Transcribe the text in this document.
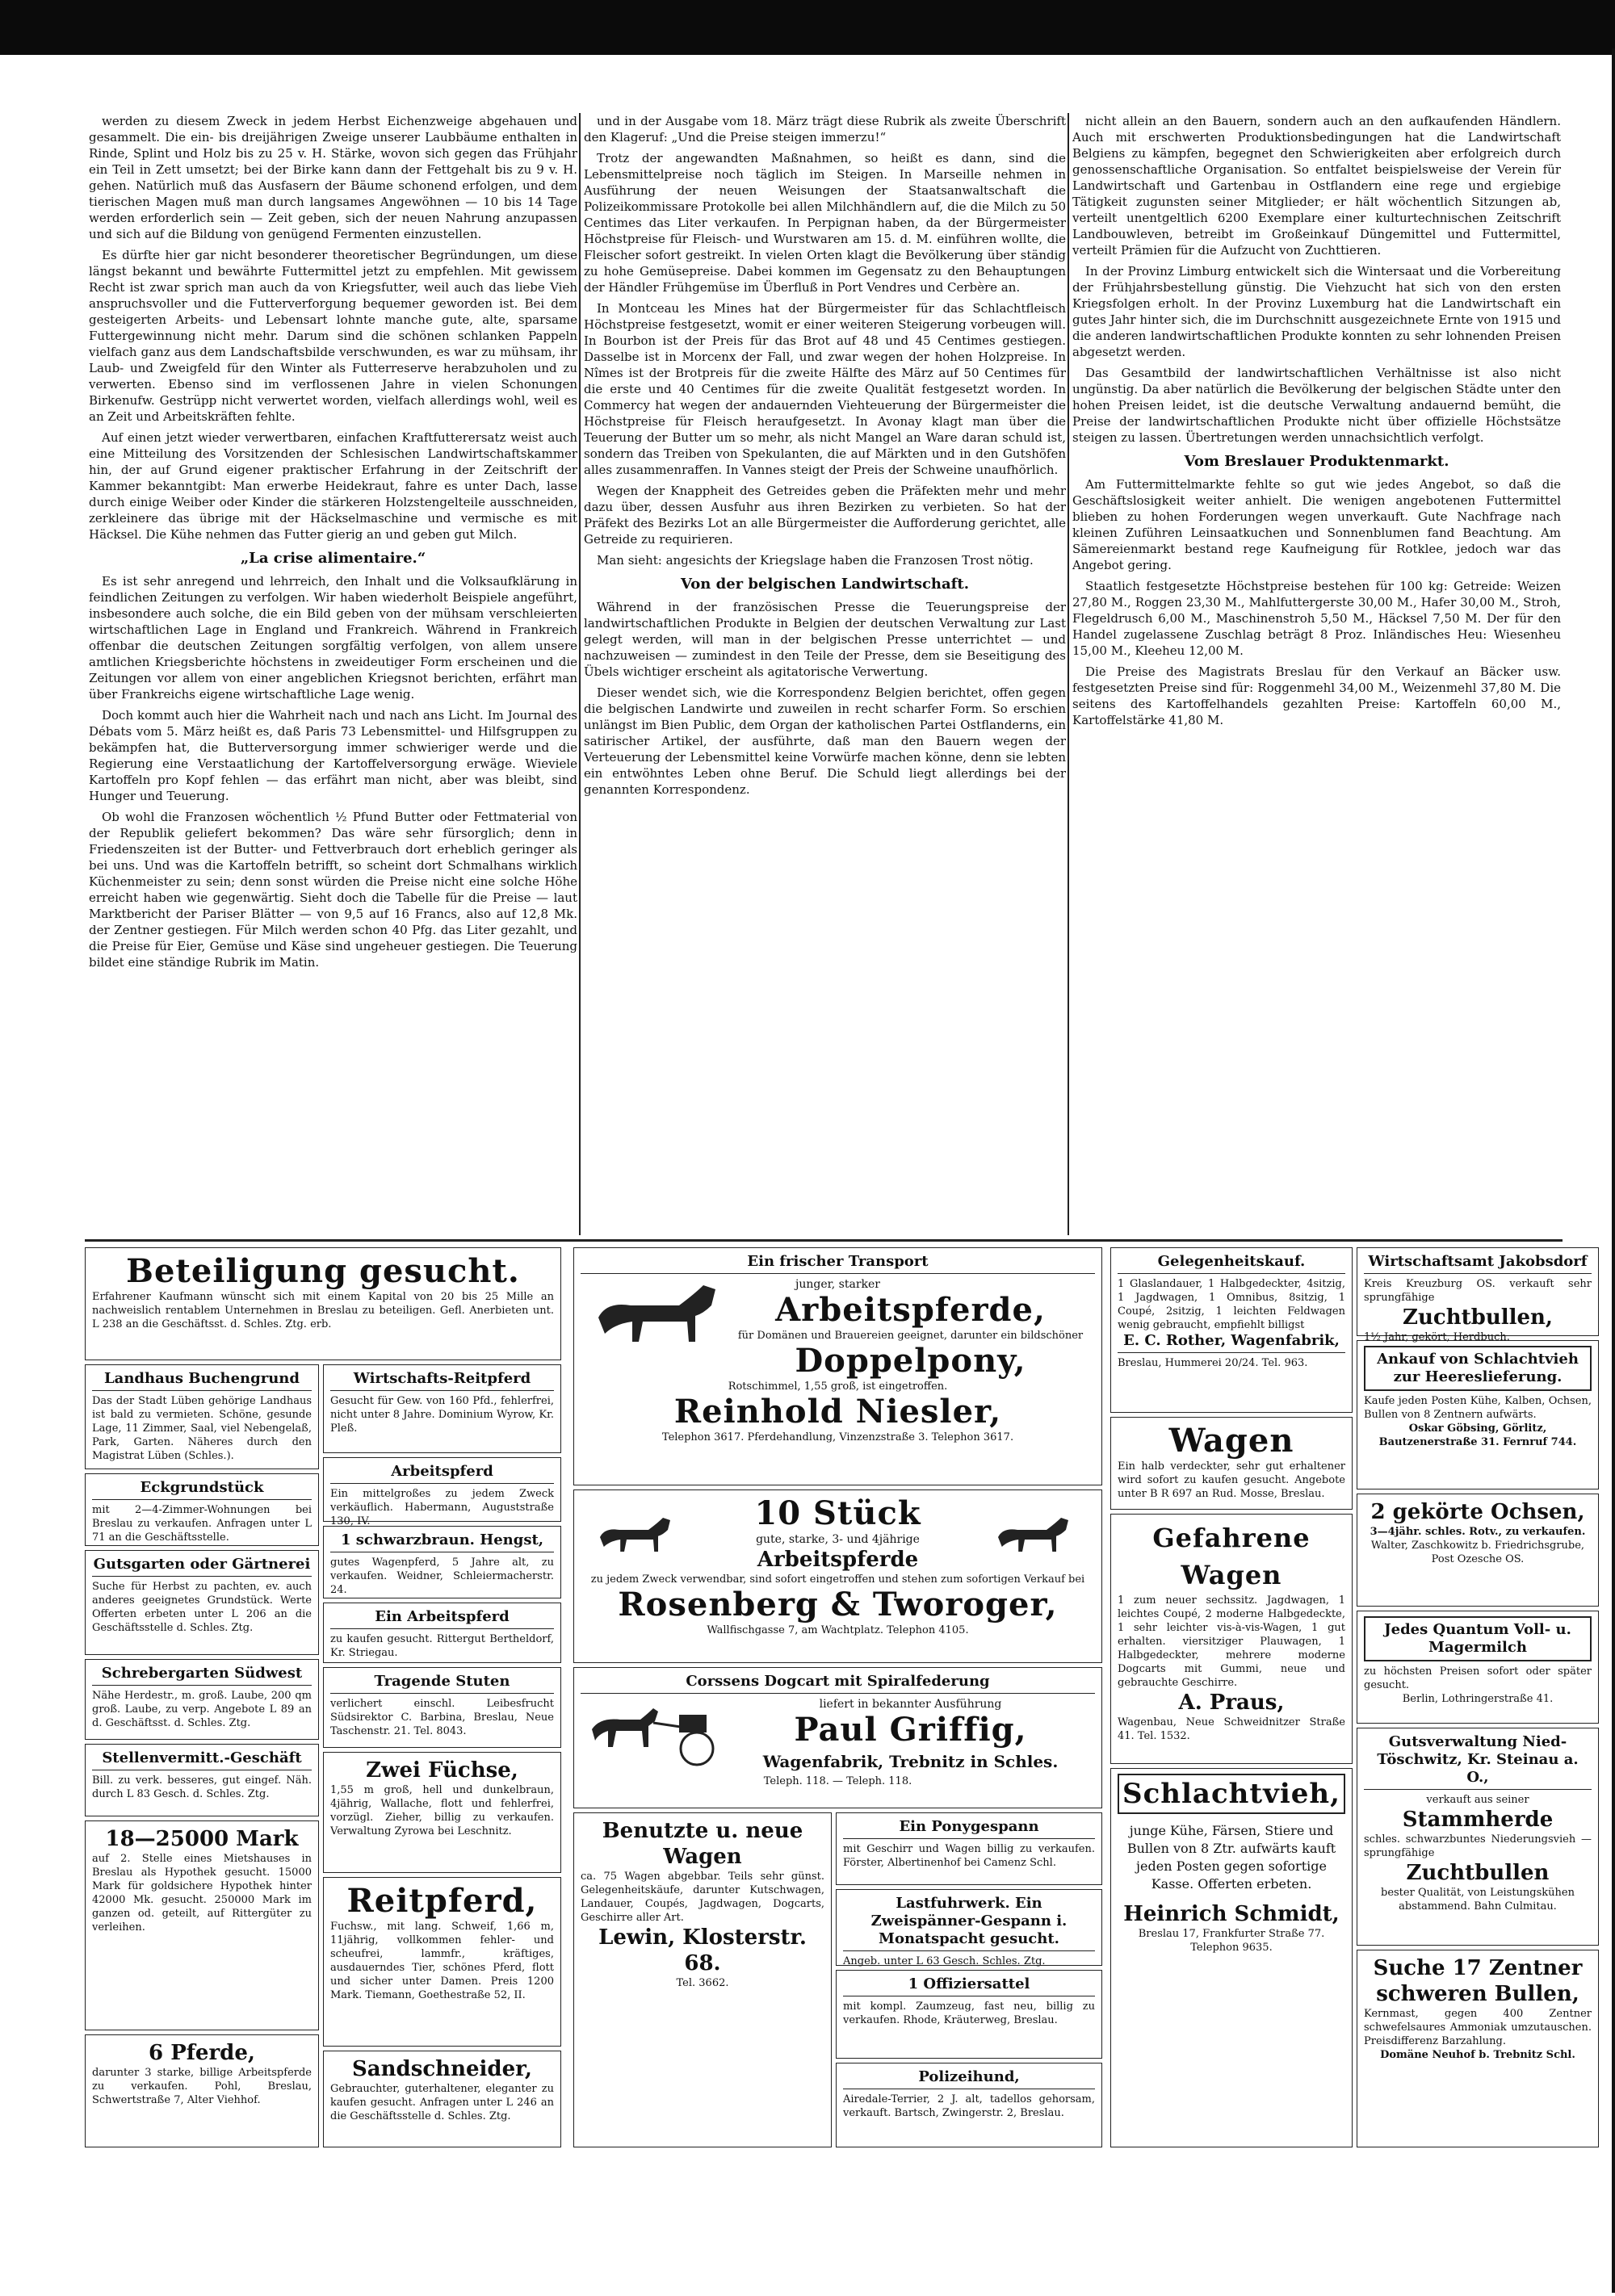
werden zu diesem Zweck in jedem Herbst Eichenzweige abgehauen und gesammelt. Die ein- bis dreijährigen Zweige unserer Laubbäume enthalten in Rinde, Splint und Holz bis zu 25 v. H. Stärke, wovon sich gegen das Frühjahr ein Teil in Zett umsetzt; bei der Birke kann dann der Fettgehalt bis zu 9 v. H. gehen. Natürlich muß das Ausfasern der Bäume schonend erfolgen, und dem tierischen Magen muß man durch langsames Angewöhnen — 10 bis 14 Tage werden erforderlich sein — Zeit geben, sich der neuen Nahrung anzupassen und sich auf die Bildung von genügend Fermenten einzustellen.

Es dürfte hier gar nicht besonderer theoretischer Begründungen, um diese längst bekannt und bewährte Futtermittel jetzt zu empfehlen. Mit gewissem Recht ist zwar sprich man auch da von Kriegsfutter, weil auch das liebe Vieh anspruchsvoller und die Futterverforgung bequemer geworden ist. Bei dem gesteigerten Arbeits- und Lebensart lohnte manche gute, alte, sparsame Futtergewinnung nicht mehr. Darum sind die schönen schlanken Pappeln vielfach ganz aus dem Landschaftsbilde verschwunden, es war zu mühsam, ihr Laub- und Zweigfeld für den Winter als Futterreserve herabzuholen und zu verwerten. Ebenso sind im verflossenen Jahre in vielen Schonungen Birkenufw. Gestrüpp nicht verwertet worden, vielfach allerdings wohl, weil es an Zeit und Arbeitskräften fehlte.

Auf einen jetzt wieder verwertbaren, einfachen Kraftfutterersatz weist auch eine Mitteilung des Vorsitzenden der Schlesischen Landwirtschaftskammer hin, der auf Grund eigener praktischer Erfahrung in der Zeitschrift der Kammer bekanntgibt: Man erwerbe Heidekraut, fahre es unter Dach, lasse durch einige Weiber oder Kinder die stärkeren Holzstengelteile ausschneiden, zerkleinere das übrige mit der Häckselmaschine und vermische es mit Häcksel. Die Kühe nehmen das Futter gierig an und geben gut Milch.

„La crise alimentaire.“

Es ist sehr anregend und lehrreich, den Inhalt und die Volksaufklärung in feindlichen Zeitungen zu verfolgen. Wir haben wiederholt Beispiele angeführt, insbesondere auch solche, die ein Bild geben von der mühsam verschleierten wirtschaftlichen Lage in England und Frankreich. Während in Frankreich offenbar die deutschen Zeitungen sorgfältig verfolgen, von allem unsere amtlichen Kriegsberichte höchstens in zweideutiger Form erscheinen und die Zeitungen vor allem von einer angeblichen Kriegsnot berichten, erfährt man über Frankreichs eigene wirtschaftliche Lage wenig.

Doch kommt auch hier die Wahrheit nach und nach ans Licht. Im Journal des Débats vom 5. März heißt es, daß Paris 73 Lebensmittel- und Hilfsgruppen zu bekämpfen hat, die Butterversorgung immer schwieriger werde und die Regierung eine Verstaatlichung der Kartoffelversorgung erwäge. Wieviele Kartoffeln pro Kopf fehlen — das erfährt man nicht, aber was bleibt, sind Hunger und Teuerung.

Ob wohl die Franzosen wöchentlich ½ Pfund Butter oder Fettmaterial von der Republik geliefert bekommen? Das wäre sehr fürsorglich; denn in Friedenszeiten ist der Butter- und Fettverbrauch dort erheblich geringer als bei uns. Und was die Kartoffeln betrifft, so scheint dort Schmalhans wirklich Küchenmeister zu sein; denn sonst würden die Preise nicht eine solche Höhe erreicht haben wie gegenwärtig. Sieht doch die Tabelle für die Preise — laut Marktbericht der Pariser Blätter — von 9,5 auf 16 Francs, also auf 12,8 Mk. der Zentner gestiegen. Für Milch werden schon 40 Pfg. das Liter gezahlt, und die Preise für Eier, Gemüse und Käse sind ungeheuer gestiegen. Die Teuerung bildet eine ständige Rubrik im Matin.

und in der Ausgabe vom 18. März trägt diese Rubrik als zweite Überschrift den Klageruf: „Und die Preise steigen immerzu!“

Trotz der angewandten Maßnahmen, so heißt es dann, sind die Lebensmittelpreise noch täglich im Steigen. In Marseille nehmen in Ausführung der neuen Weisungen der Staatsanwaltschaft die Polizeikommissare Protokolle bei allen Milchhändlern auf, die die Milch zu 50 Centimes das Liter verkaufen. In Perpignan haben, da der Bürgermeister Höchstpreise für Fleisch- und Wurstwaren am 15. d. M. einführen wollte, die Fleischer sofort gestreikt. In vielen Orten klagt die Bevölkerung über ständig zu hohe Gemüsepreise. Dabei kommen im Gegensatz zu den Behauptungen der Händler Frühgemüse im Überfluß in Port Vendres und Cerbère an.

In Montceau les Mines hat der Bürgermeister für das Schlachtfleisch Höchstpreise festgesetzt, womit er einer weiteren Steigerung vorbeugen will. In Bourbon ist der Preis für das Brot auf 48 und 45 Centimes gestiegen. Dasselbe ist in Morcenx der Fall, und zwar wegen der hohen Holzpreise. In Nîmes ist der Brotpreis für die zweite Hälfte des März auf 50 Centimes für die erste und 40 Centimes für die zweite Qualität festgesetzt worden. In Commercy hat wegen der andauernden Viehteuerung der Bürgermeister die Höchstpreise für Fleisch heraufgesetzt. In Avonay klagt man über die Teuerung der Butter um so mehr, als nicht Mangel an Ware daran schuld ist, sondern das Treiben von Spekulanten, die auf Märkten und in den Gutshöfen alles zusammenraffen. In Vannes steigt der Preis der Schweine unaufhörlich.

Wegen der Knappheit des Getreides geben die Präfekten mehr und mehr dazu über, dessen Ausfuhr aus ihren Bezirken zu verbieten. So hat der Präfekt des Bezirks Lot an alle Bürgermeister die Aufforderung gerichtet, alle Getreide zu requirieren.

Man sieht: angesichts der Kriegslage haben die Franzosen Trost nötig.

Von der belgischen Landwirtschaft.

Während in der französischen Presse die Teuerungspreise der landwirtschaftlichen Produkte in Belgien der deutschen Verwaltung zur Last gelegt werden, will man in der belgischen Presse unterrichtet — und nachzuweisen — zumindest in den Teile der Presse, dem sie Beseitigung des Übels wichtiger erscheint als agitatorische Verwertung.

Dieser wendet sich, wie die Korrespondenz Belgien berichtet, offen gegen die belgischen Landwirte und zuweilen in recht scharfer Form. So erschien unlängst im Bien Public, dem Organ der katholischen Partei Ostflanderns, ein satirischer Artikel, der ausführte, daß man den Bauern wegen der Verteuerung der Lebensmittel keine Vorwürfe machen könne, denn sie lebten ein entwöhntes Leben ohne Beruf. Die Schuld liegt allerdings bei der genannten Korrespondenz.

nicht allein an den Bauern, sondern auch an den aufkaufenden Händlern. Auch mit erschwerten Produktionsbedingungen hat die Landwirtschaft Belgiens zu kämpfen, begegnet den Schwierigkeiten aber erfolgreich durch genossenschaftliche Organisation. So entfaltet beispielsweise der Verein für Landwirtschaft und Gartenbau in Ostflandern eine rege und ergiebige Tätigkeit zugunsten seiner Mitglieder; er hält wöchentlich Sitzungen ab, verteilt unentgeltlich 6200 Exemplare einer kulturtechnischen Zeitschrift Landbouwleven, betreibt im Großeinkauf Düngemittel und Futtermittel, verteilt Prämien für die Aufzucht von Zuchttieren.

In der Provinz Limburg entwickelt sich die Wintersaat und die Vorbereitung der Frühjahrsbestellung günstig. Die Viehzucht hat sich von den ersten Kriegsfolgen erholt. In der Provinz Luxemburg hat die Landwirtschaft ein gutes Jahr hinter sich, die im Durchschnitt ausgezeichnete Ernte von 1915 und die anderen landwirtschaftlichen Produkte konnten zu sehr lohnenden Preisen abgesetzt werden.

Das Gesamtbild der landwirtschaftlichen Verhältnisse ist also nicht ungünstig. Da aber natürlich die Bevölkerung der belgischen Städte unter den hohen Preisen leidet, ist die deutsche Verwaltung andauernd bemüht, die Preise der landwirtschaftlichen Produkte nicht über offizielle Höchstsätze steigen zu lassen. Übertretungen werden unnachsichtlich verfolgt.

Vom Breslauer Produktenmarkt.

Am Futtermittelmarkte fehlte so gut wie jedes Angebot, so daß die Geschäftslosigkeit weiter anhielt. Die wenigen angebotenen Futtermittel blieben zu hohen Forderungen wegen unverkauft. Gute Nachfrage nach kleinen Zuführen Leinsaatkuchen und Sonnenblumen fand Beachtung. Am Sämereienmarkt bestand rege Kaufneigung für Rotklee, jedoch war das Angebot gering.

Staatlich festgesetzte Höchstpreise bestehen für 100 kg: Getreide: Weizen 27,80 M., Roggen 23,30 M., Mahlfuttergerste 30,00 M., Hafer 30,00 M., Stroh, Flegeldrusch 6,00 M., Maschinenstroh 5,50 M., Häcksel 7,50 M. Der für den Handel zugelassene Zuschlag beträgt 8 Proz. Inländisches Heu: Wiesenheu 15,00 M., Kleeheu 12,00 M.

Die Preise des Magistrats Breslau für den Verkauf an Bäcker usw. festgesetzten Preise sind für: Roggenmehl 34,00 M., Weizenmehl 37,80 M. Die seitens des Kartoffelhandels gezahlten Preise: Kartoffeln 60,00 M., Kartoffelstärke 41,80 M.

Beteiligung gesucht.
Erfahrener Kaufmann wünscht sich mit einem Kapital von 20 bis 25 Mille an nachweislich rentablem Unternehmen in Breslau zu beteiligen. Gefl. Anerbieten unt. L 238 an die Geschäftsst. d. Schles. Ztg. erb.
Landhaus Buchengrund
Das der Stadt Lüben gehörige Landhaus ist bald zu vermieten. Schöne, gesunde Lage, 11 Zimmer, Saal, viel Nebengelaß, Park, Garten. Näheres durch den Magistrat Lüben (Schles.).
Eckgrundstück
mit 2—4-Zimmer-Wohnungen bei Breslau zu verkaufen. Anfragen unter L 71 an die Geschäftsstelle.
Gutsgarten oder Gärtnerei
Suche für Herbst zu pachten, ev. auch anderes geeignetes Grundstück. Werte Offerten erbeten unter L 206 an die Geschäftsstelle d. Schles. Ztg.
Schrebergarten Südwest
Nähe Herdestr., m. groß. Laube, 200 qm groß. Laube, zu verp. Angebote L 89 an d. Geschäftsst. d. Schles. Ztg.
Stellenvermitt.-Geschäft
Bill. zu verk. besseres, gut eingef. Näh. durch L 83 Gesch. d. Schles. Ztg.
18—25000 Mark
auf 2. Stelle eines Mietshauses in Breslau als Hypothek gesucht. 15000 Mark für goldsichere Hypothek hinter 42000 Mk. gesucht. 250000 Mark im ganzen od. geteilt, auf Rittergüter zu verleihen.
6 Pferde,
darunter 3 starke, billige Arbeitspferde zu verkaufen. Pohl, Breslau, Schwertstraße 7, Alter Viehhof.
Wirtschafts-Reitpferd
Gesucht für Gew. von 160 Pfd., fehlerfrei, nicht unter 8 Jahre. Dominium Wyrow, Kr. Pleß.
Arbeitspferd
Ein mittelgroßes zu jedem Zweck verkäuflich. Habermann, Auguststraße 130, IV.
1 schwarzbraun. Hengst,
gutes Wagenpferd, 5 Jahre alt, zu verkaufen. Weidner, Schleiermacherstr. 24.
Ein Arbeitspferd
zu kaufen gesucht. Rittergut Bertheldorf, Kr. Striegau.
Tragende Stuten
verlichert einschl. Leibesfrucht Südsirektor C. Barbina, Breslau, Neue Taschenstr. 21. Tel. 8043.
Zwei Füchse,
1,55 m groß, hell und dunkelbraun, 4jährig, Wallache, flott und fehlerfrei, vorzügl. Zieher, billig zu verkaufen. Verwaltung Zyrowa bei Leschnitz.
Reitpferd,
Fuchsw., mit lang. Schweif, 1,66 m, 11jährig, vollkommen fehler- und scheufrei, lammfr., kräftiges, ausdauerndes Tier, schönes Pferd, flott und sicher unter Damen. Preis 1200 Mark. Tiemann, Goethestraße 52, II.
Sandschneider,
Gebrauchter, guterhaltener, eleganter zu kaufen gesucht. Anfragen unter L 246 an die Geschäftsstelle d. Schles. Ztg.
Ein frischer Transport
junger, starker
Arbeitspferde,
für Domänen und Brauereien geeignet, darunter ein bildschöner
Doppelpony,
Rotschimmel, 1,55 groß, ist eingetroffen.
Reinhold Niesler,
Telephon 3617. Pferdehandlung, Vinzenzstraße 3. Telephon 3617.
10 Stück
gute, starke, 3- und 4jährige
Arbeitspferde
zu jedem Zweck verwendbar, sind sofort eingetroffen und stehen zum sofortigen Verkauf bei
Rosenberg & Tworoger,
Wallfischgasse 7, am Wachtplatz. Telephon 4105.
Corssens Dogcart mit Spiralfederung
liefert in bekannter Ausführung
Paul Griffig,
Wagenfabrik, Trebnitz in Schles.
Teleph. 118. — Teleph. 118.
Benutzte u. neue Wagen
ca. 75 Wagen abgebbar. Teils sehr günst. Gelegenheitskäufe, darunter Kutschwagen, Landauer, Coupés, Jagdwagen, Dogcarts, Geschirre aller Art.
Lewin, Klosterstr. 68.
Tel. 3662.
Ein Ponygespann
mit Geschirr und Wagen billig zu verkaufen. Förster, Albertinenhof bei Camenz Schl.
Lastfuhrwerk. Ein Zweispänner-Gespann i. Monatspacht gesucht.
Angeb. unter L 63 Gesch. Schles. Ztg.
1 Offiziersattel
mit kompl. Zaumzeug, fast neu, billig zu verkaufen. Rhode, Kräuterweg, Breslau.
Polizeihund,
Airedale-Terrier, 2 J. alt, tadellos gehorsam, verkauft. Bartsch, Zwingerstr. 2, Breslau.
Gelegenheitskauf.
1 Glaslandauer, 1 Halbgedeckter, 4sitzig, 1 Jagdwagen, 1 Omnibus, 8sitzig, 1 Coupé, 2sitzig, 1 leichten Feldwagen wenig gebraucht, empfiehlt billigst
E. C. Rother, Wagenfabrik,
Breslau, Hummerei 20/24. Tel. 963.
Wagen
Ein halb verdeckter, sehr gut erhaltener wird sofort zu kaufen gesucht. Angebote unter B R 697 an Rud. Mosse, Breslau.
Gefahrene Wagen
1 zum neuer sechssitz. Jagdwagen, 1 leichtes Coupé, 2 moderne Halbgedeckte, 1 sehr leichter vis-à-vis-Wagen, 1 gut erhalten. viersitziger Plauwagen, 1 Halbgedeckter, mehrere moderne Dogcarts mit Gummi, neue und gebrauchte Geschirre.
A. Praus,
Wagenbau, Neue Schweidnitzer Straße 41. Tel. 1532.
Schlachtvieh,
junge Kühe, Färsen, Stiere und Bullen von 8 Ztr. aufwärts kauft jeden Posten gegen sofortige Kasse. Offerten erbeten.
Heinrich Schmidt,
Breslau 17, Frankfurter Straße 77. Telephon 9635.
Wirtschaftsamt Jakobsdorf
Kreis Kreuzburg OS. verkauft sehr sprungfähige
Zuchtbullen,
1½ Jahr, gekört, Herdbuch.
Ankauf von Schlachtvieh zur Heereslieferung.
Kaufe jeden Posten Kühe, Kalben, Ochsen, Bullen von 8 Zentnern aufwärts.
Oskar Göbsing, Görlitz, Bautzenerstraße 31. Fernruf 744.
2 gekörte Ochsen,
3—4jähr. schles. Rotv., zu verkaufen.
Walter, Zaschkowitz b. Friedrichsgrube, Post Ozesche OS.
Jedes Quantum Voll- u. Magermilch
zu höchsten Preisen sofort oder später gesucht.
Berlin, Lothringerstraße 41.
Gutsverwaltung Nied-Töschwitz, Kr. Steinau a. O.,
verkauft aus seiner
Stammherde
schles. schwarzbuntes Niederungsvieh — sprungfähige
Zuchtbullen
bester Qualität, von Leistungskühen abstammend. Bahn Culmitau.
Suche 17 Zentner schweren Bullen,
Kernmast, gegen 400 Zentner schwefelsaures Ammoniak umzutauschen. Preisdifferenz Barzahlung.
Domäne Neuhof b. Trebnitz Schl.
